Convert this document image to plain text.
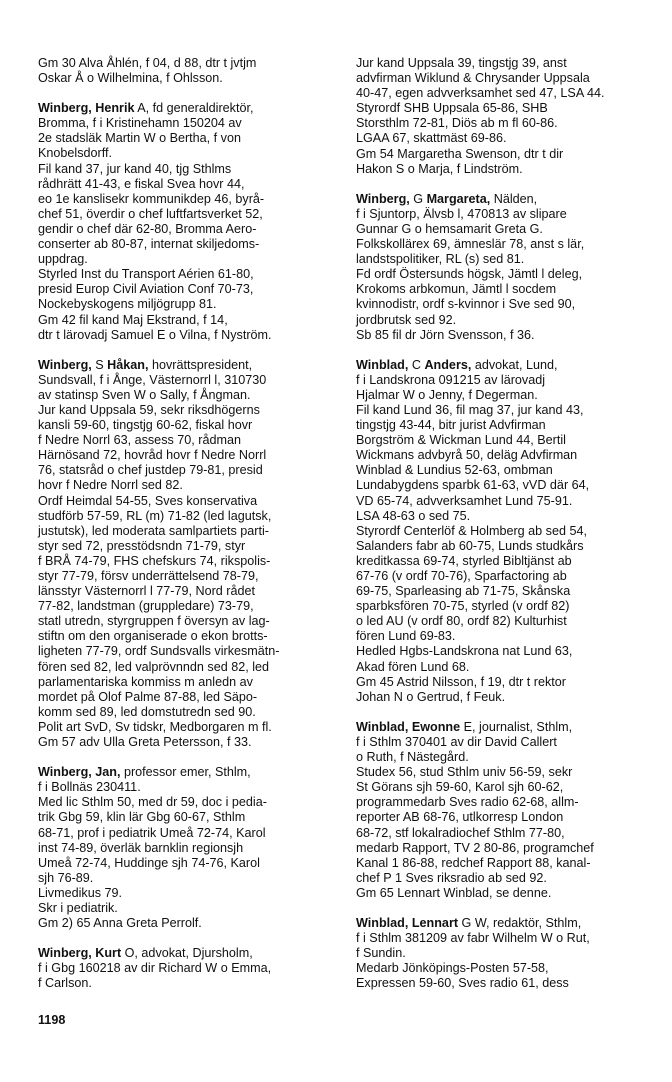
Gm 30 Alva Åhlén, f 04, d 88, dtr t jvtjm
Oskar Å o Wilhelmina, f Ohlsson.
Winberg, Henrik A, fd generaldirektör,
Bromma, f i Kristinehamn 150204 av
2e stadsläk Martin W o Bertha, f von
Knobelsdorff.
Fil kand 37, jur kand 40, tjg Sthlms
rådhrätt 41-43, e fiskal Svea hovr 44,
eo 1e kanslisekr kommunikdep 46, byrå-
chef 51, överdir o chef luftfartsverket 52,
gendir o chef där 62-80, Bromma Aero-
conserter ab 80-87, internat skiljedoms-
uppdrag.
Styrled Inst du Transport Aérien 61-80,
presid Europ Civil Aviation Conf 70-73,
Nockebyskogens miljögrupp 81.
Gm 42 fil kand Maj Ekstrand, f 14,
dtr t lärovadj Samuel E o Vilna, f Nyström.
Winberg, S Håkan, hovrättspresident,
Sundsvall, f i Ånge, Västernorrl l, 310730
av statinsp Sven W o Sally, f Ångman.
Jur kand Uppsala 59, sekr riksdhögerns
kansli 59-60, tingstjg 60-62, fiskal hovr
f Nedre Norrl 63, assess 70, rådman
Härnösand 72, hovråd hovr f Nedre Norrl
76, statsråd o chef justdep 79-81, presid
hovr f Nedre Norrl sed 82.
Ordf Heimdal 54-55, Sves konservativa
studförb 57-59, RL (m) 71-82 (led lagutsk,
justutsk), led moderata samlpartiets parti-
styr sed 72, presstödsndn 71-79, styr
f BRÅ 74-79, FHS chefskurs 74, rikspolis-
styr 77-79, försv underrättelsend 78-79,
länsstyr Västernorrl l 77-79, Nord rådet
77-82, landstman (gruppledare) 73-79,
statl utredn, styrgruppen f översyn av lag-
stiftn om den organiserade o ekon brotts-
ligheten 77-79, ordf Sundsvalls virkesmätn-
fören sed 82, led valprövnndn sed 82, led
parlamentariska kommiss m anledn av
mordet på Olof Palme 87-88, led Säpo-
komm sed 89, led domstutredn sed 90.
Polit art SvD, Sv tidskr, Medborgaren m fl.
Gm 57 adv Ulla Greta Petersson, f 33.
Winberg, Jan, professor emer, Sthlm,
f i Bollnäs 230411.
Med lic Sthlm 50, med dr 59, doc i pedia-
trik Gbg 59, klin lär Gbg 60-67, Sthlm
68-71, prof i pediatrik Umeå 72-74, Karol
inst 74-89, överläk barnklin regionsjh
Umeå 72-74, Huddinge sjh 74-76, Karol
sjh 76-89.
Livmedikus 79.
Skr i pediatrik.
Gm 2) 65 Anna Greta Perrolf.
Winberg, Kurt O, advokat, Djursholm,
f i Gbg 160218 av dir Richard W o Emma,
f Carlson.
Jur kand Uppsala 39, tingstjg 39, anst
advfirman Wiklund & Chrysander Uppsala
40-47, egen advverksamhet sed 47, LSA 44.
Styrordf SHB Uppsala 65-86, SHB
Storsthlm 72-81, Diös ab m fl 60-86.
LGAA 67, skattmäst 69-86.
Gm 54 Margaretha Swenson, dtr t dir
Hakon S o Marja, f Lindström.
Winberg, G Margareta, Nälden,
f i Sjuntorp, Älvsb l, 470813 av slipare
Gunnar G o hemsamarit Greta G.
Folkskollärex 69, ämneslär 78, anst s lär,
landstspolitiker, RL (s) sed 81.
Fd ordf Östersunds högsk, Jämtl l deleg,
Krokoms arbkomun, Jämtl l socdem
kvinnodistr, ordf s-kvinnor i Sve sed 90,
jordbrutsk sed 92.
Sb 85 fil dr Jörn Svensson, f 36.
Winblad, C Anders, advokat, Lund,
f i Landskrona 091215 av lärovadj
Hjalmar W o Jenny, f Degerman.
Fil kand Lund 36, fil mag 37, jur kand 43,
tingstjg 43-44, bitr jurist Advfirman
Borgström & Wickman Lund 44, Bertil
Wickmans advbyrå 50, deläg Advfirman
Winblad & Lundius 52-63, ombman
Lundabygdens sparbk 61-63, vVD där 64,
VD 65-74, advverksamhet Lund 75-91.
LSA 48-63 o sed 75.
Styrordf Centerlöf & Holmberg ab sed 54,
Salanders fabr ab 60-75, Lunds studkårs
kreditkassa 69-74, styrled Bibltjänst ab
67-76 (v ordf 70-76), Sparfactoring ab
69-75, Sparleasing ab 71-75, Skånska
sparbksfören 70-75, styrled (v ordf 82)
o led AU (v ordf 80, ordf 82) Kulturhist
fören Lund 69-83.
Hedled Hgbs-Landskrona nat Lund 63,
Akad fören Lund 68.
Gm 45 Astrid Nilsson, f 19, dtr t rektor
Johan N o Gertrud, f Feuk.
Winblad, Ewonne E, journalist, Sthlm,
f i Sthlm 370401 av dir David Callert
o Ruth, f Nästegård.
Studex 56, stud Sthlm univ 56-59, sekr
St Görans sjh 59-60, Karol sjh 60-62,
programmedarb Sves radio 62-68, allm-
reporter AB 68-76, utlkorresp London
68-72, stf lokalradiochef Sthlm 77-80,
medarb Rapport, TV 2 80-86, programchef
Kanal 1 86-88, redchef Rapport 88, kanal-
chef P 1 Sves riksradio ab sed 92.
Gm 65 Lennart Winblad, se denne.
Winblad, Lennart G W, redaktör, Sthlm,
f i Sthlm 381209 av fabr Wilhelm W o Rut,
f Sundin.
Medarb Jönköpings-Posten 57-58,
Expressen 59-60, Sves radio 61, dess
1198
